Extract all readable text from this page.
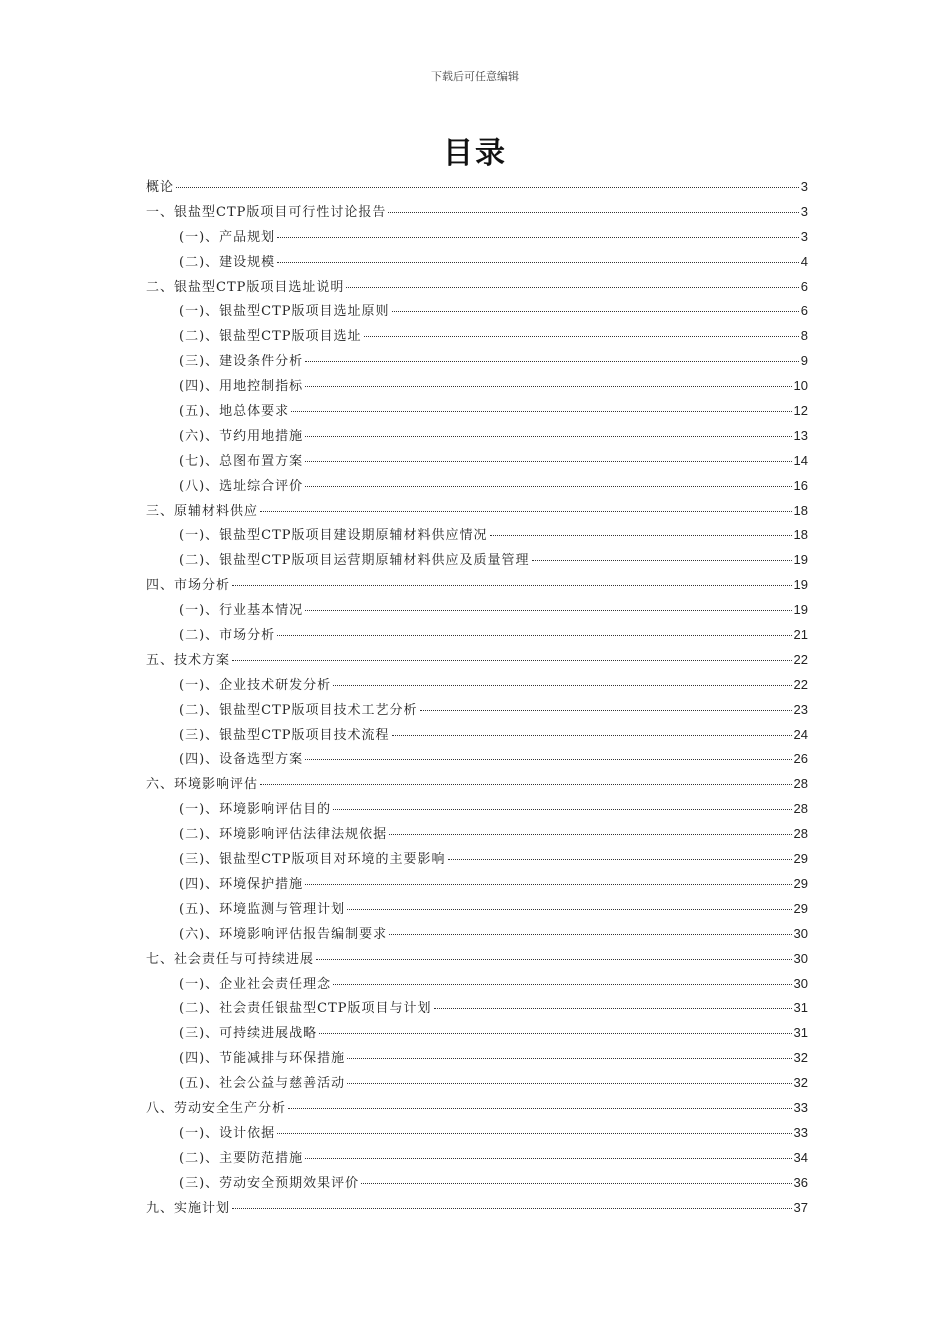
下载后可任意编辑
目录
概论	3
一、银盐型CTP版项目可行性讨论报告	3
(一)、产品规划	3
(二)、建设规模	4
二、银盐型CTP版项目选址说明	6
(一)、银盐型CTP版项目选址原则	6
(二)、银盐型CTP版项目选址	8
(三)、建设条件分析	9
(四)、用地控制指标	10
(五)、地总体要求	12
(六)、节约用地措施	13
(七)、总图布置方案	14
(八)、选址综合评价	16
三、原辅材料供应	18
(一)、银盐型CTP版项目建设期原辅材料供应情况	18
(二)、银盐型CTP版项目运营期原辅材料供应及质量管理	19
四、市场分析	19
(一)、行业基本情况	19
(二)、市场分析	21
五、技术方案	22
(一)、企业技术研发分析	22
(二)、银盐型CTP版项目技术工艺分析	23
(三)、银盐型CTP版项目技术流程	24
(四)、设备选型方案	26
六、环境影响评估	28
(一)、环境影响评估目的	28
(二)、环境影响评估法律法规依据	28
(三)、银盐型CTP版项目对环境的主要影响	29
(四)、环境保护措施	29
(五)、环境监测与管理计划	29
(六)、环境影响评估报告编制要求	30
七、社会责任与可持续进展	30
(一)、企业社会责任理念	30
(二)、社会责任银盐型CTP版项目与计划	31
(三)、可持续进展战略	31
(四)、节能减排与环保措施	32
(五)、社会公益与慈善活动	32
八、劳动安全生产分析	33
(一)、设计依据	33
(二)、主要防范措施	34
(三)、劳动安全预期效果评价	36
九、实施计划	37
